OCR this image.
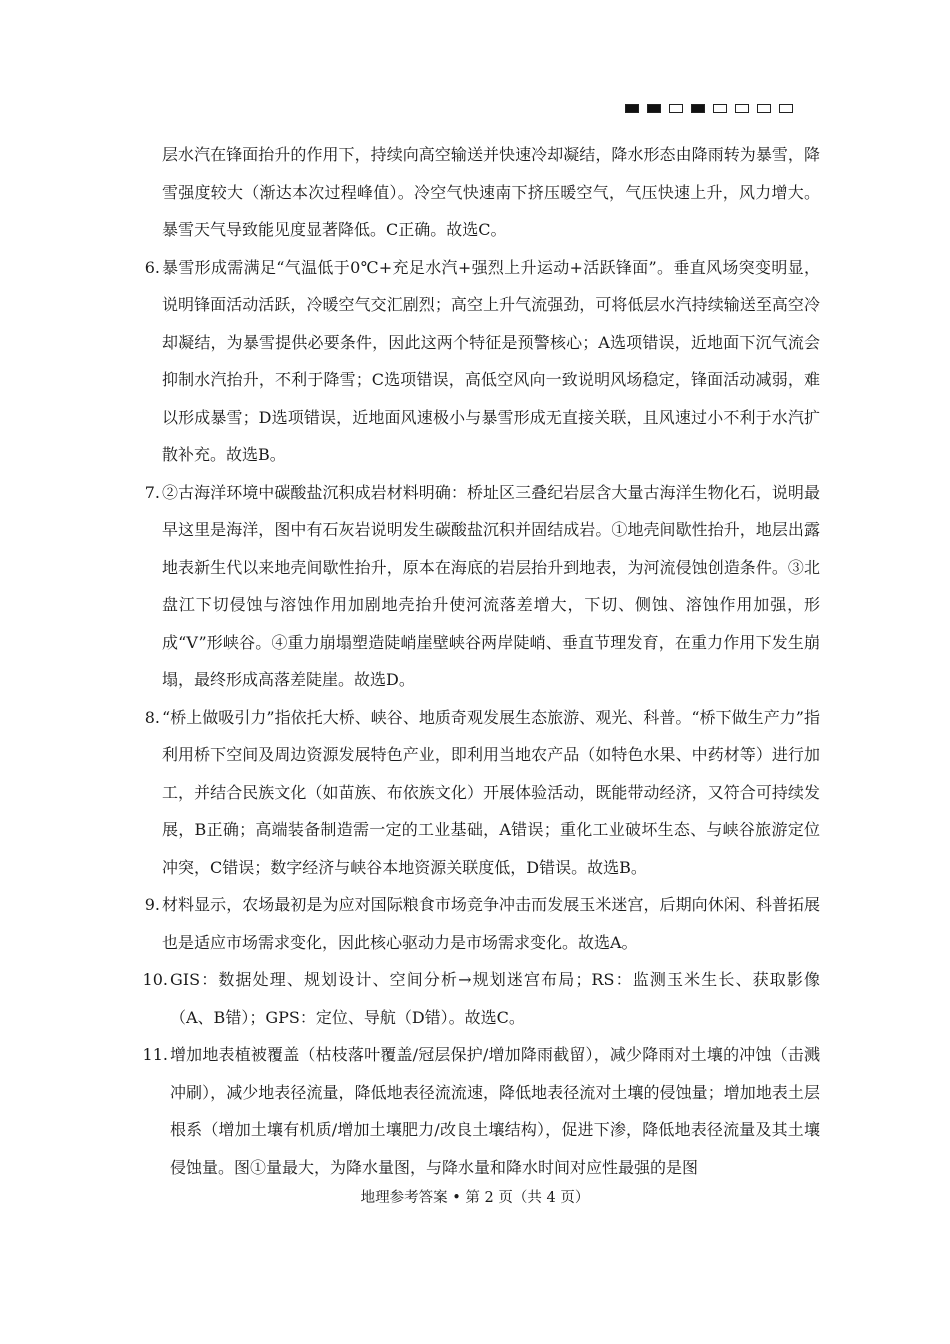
层水汽在锋面抬升的作用下，持续向高空输送并快速冷却凝结，降水形态由降雨转为暴雪，降雪强度较大（渐达本次过程峰值）。冷空气快速南下挤压暖空气，气压快速上升，风力增大。暴雪天气导致能见度显著降低。C正确。故选C。

6. 暴雪形成需满足“气温低于0℃+充足水汽+强烈上升运动+活跃锋面”。垂直风场突变明显，说明锋面活动活跃，冷暖空气交汇剧烈；高空上升气流强劲，可将低层水汽持续输送至高空冷却凝结，为暴雪提供必要条件，因此这两个特征是预警核心；A选项错误，近地面下沉气流会抑制水汽抬升，不利于降雪；C选项错误，高低空风向一致说明风场稳定，锋面活动减弱，难以形成暴雪；D选项错误，近地面风速极小与暴雪形成无直接关联，且风速过小不利于水汽扩散补充。故选B。
7. ②古海洋环境中碳酸盐沉积成岩材料明确：桥址区三叠纪岩层含大量古海洋生物化石，说明最早这里是海洋，图中有石灰岩说明发生碳酸盐沉积并固结成岩。①地壳间歇性抬升，地层出露地表新生代以来地壳间歇性抬升，原本在海底的岩层抬升到地表，为河流侵蚀创造条件。③北盘江下切侵蚀与溶蚀作用加剧地壳抬升使河流落差增大，下切、侧蚀、溶蚀作用加强，形成“V”形峡谷。④重力崩塌塑造陡峭崖壁峡谷两岸陡峭、垂直节理发育，在重力作用下发生崩塌，最终形成高落差陡崖。故选D。
8. “桥上做吸引力”指依托大桥、峡谷、地质奇观发展生态旅游、观光、科普。“桥下做生产力”指利用桥下空间及周边资源发展特色产业，即利用当地农产品（如特色水果、中药材等）进行加工，并结合民族文化（如苗族、布依族文化）开展体验活动，既能带动经济，又符合可持续发展，B正确；高端装备制造需一定的工业基础，A错误；重化工业破坏生态、与峡谷旅游定位冲突，C错误；数字经济与峡谷本地资源关联度低，D错误。故选B。
9. 材料显示，农场最初是为应对国际粮食市场竞争冲击而发展玉米迷宫，后期向休闲、科普拓展也是适应市场需求变化，因此核心驱动力是市场需求变化。故选A。
10. GIS：数据处理、规划设计、空间分析→规划迷宫布局；RS：监测玉米生长、获取影像（A、B错）；GPS：定位、导航（D错）。故选C。
11. 增加地表植被覆盖（枯枝落叶覆盖/冠层保护/增加降雨截留），减少降雨对土壤的冲蚀（击溅冲刷），减少地表径流量，降低地表径流流速，降低地表径流对土壤的侵蚀量；增加地表土层根系（增加土壤有机质/增加土壤肥力/改良土壤结构），促进下渗，降低地表径流量及其土壤侵蚀量。图①量最大，为降水量图，与降水量和降水时间对应性最强的是图
地理参考答案 • 第 2 页（共 4 页）
